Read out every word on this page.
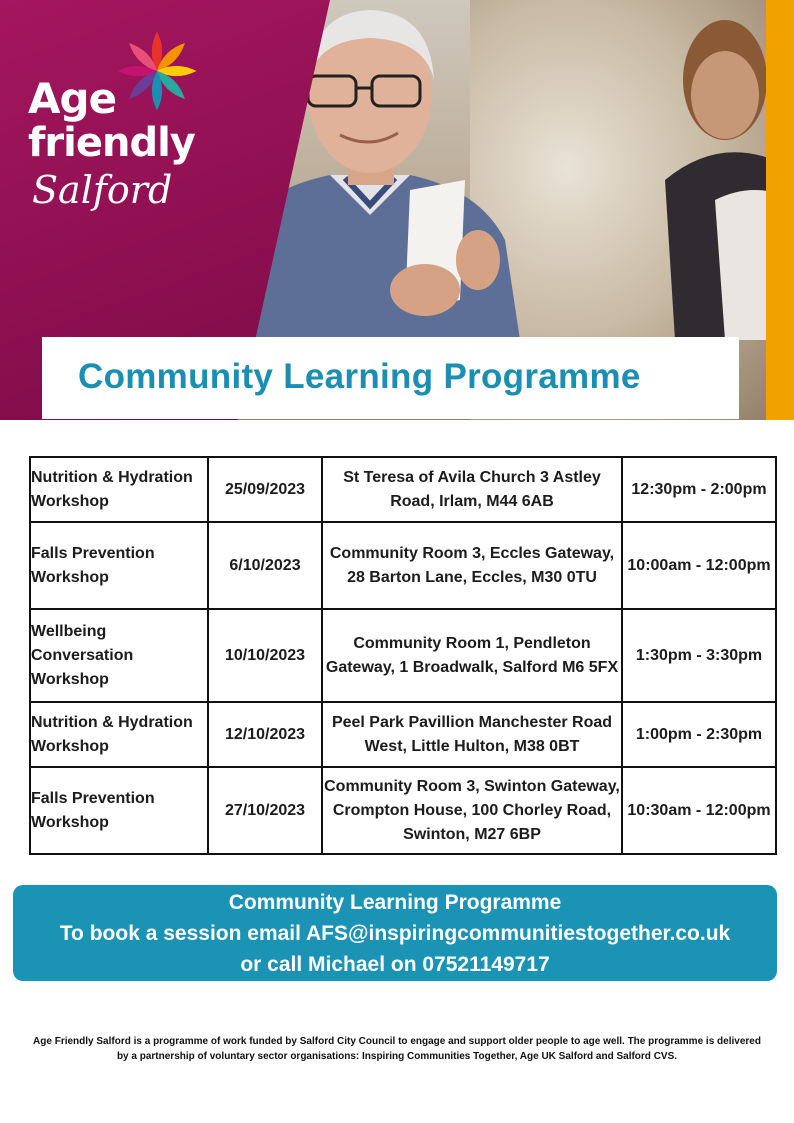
Age
friendly
Salford
Community Learning Programme
Nutrition & Hydration Workshop	25/09/2023	St Teresa of Avila Church 3 Astley Road, Irlam, M44 6AB	12:30pm - 2:00pm
Falls Prevention Workshop	6/10/2023	Community Room 3, Eccles Gateway, 28 Barton Lane, Eccles, M30 0TU	10:00am - 12:00pm
Wellbeing Conversation Workshop	10/10/2023	Community Room 1, Pendleton Gateway, 1 Broadwalk, Salford M6 5FX	1:30pm - 3:30pm
Nutrition & Hydration Workshop	12/10/2023	Peel Park Pavillion Manchester Road West, Little Hulton, M38 0BT	1:00pm - 2:30pm
Falls Prevention Workshop	27/10/2023	Community Room 3, Swinton Gateway, Crompton House, 100 Chorley Road, Swinton, M27 6BP	10:30am - 12:00pm
Community Learning Programme
To book a session email AFS@inspiringcommunitiestogether.co.uk
or call Michael on 07521149717
Age Friendly Salford is a programme of work funded by Salford City Council to engage and support older people to age well. The programme is delivered by a partnership of voluntary sector organisations: Inspiring Communities Together, Age UK Salford and Salford CVS.
